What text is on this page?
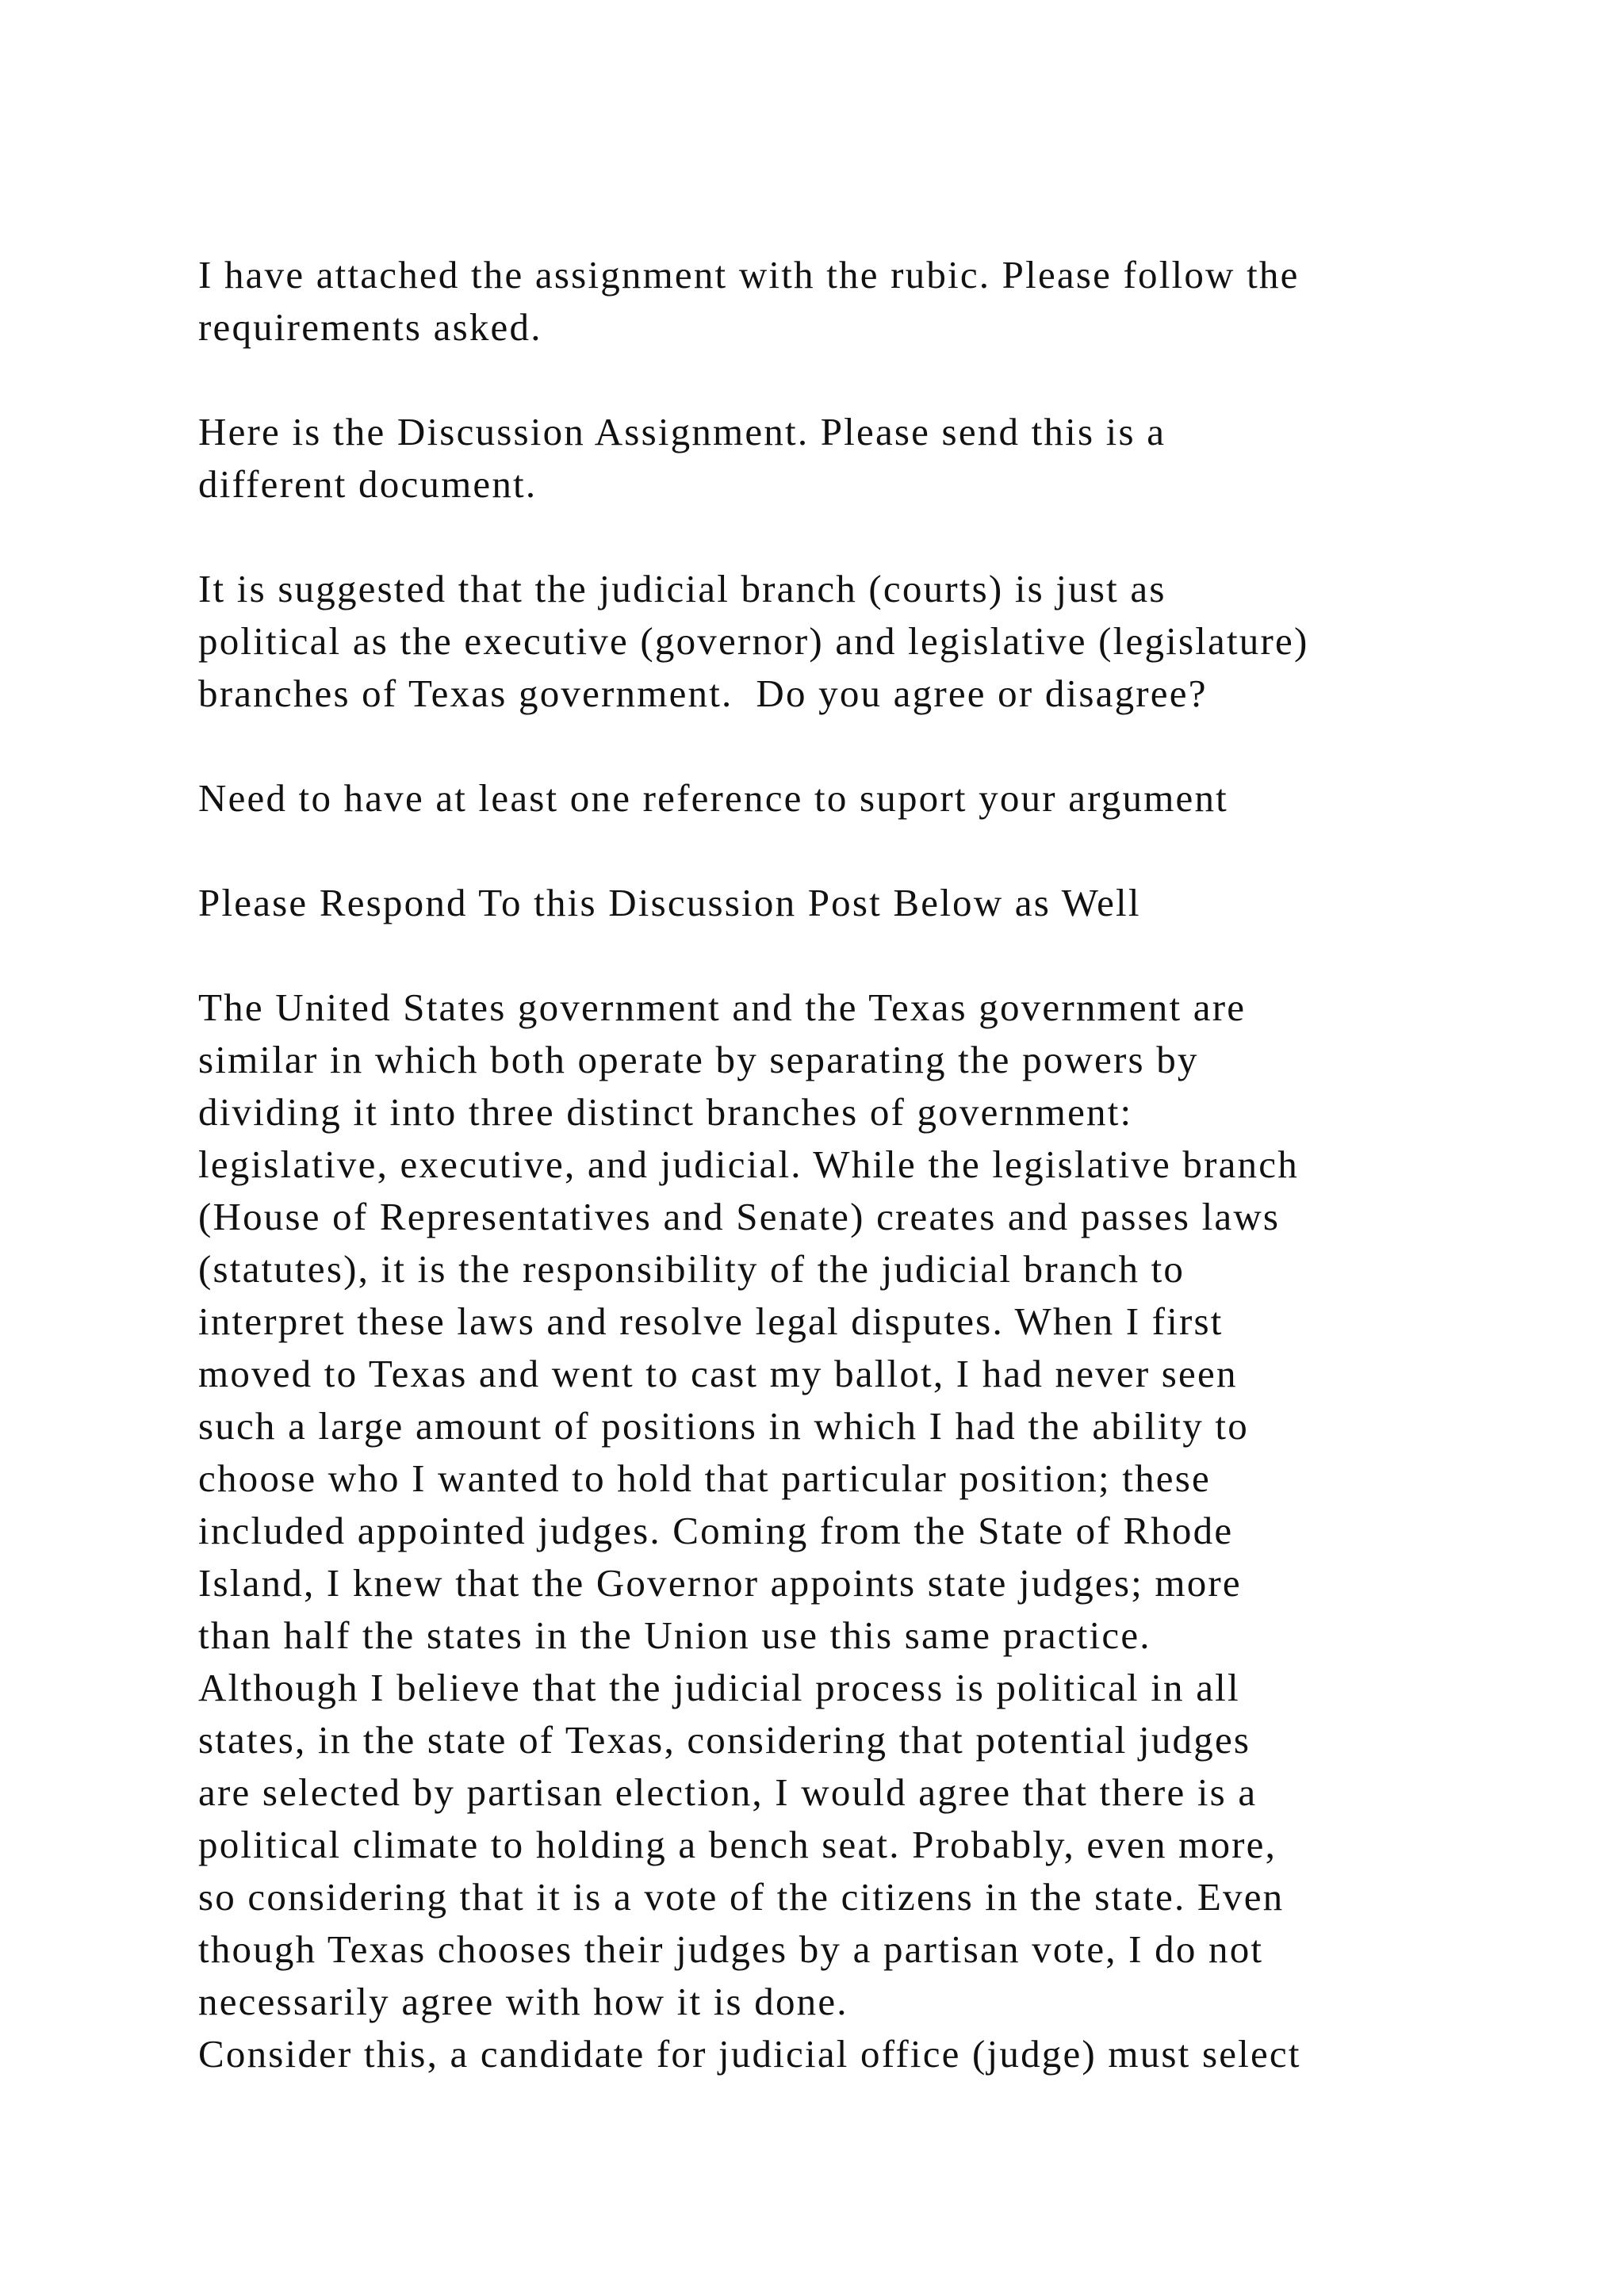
I have attached the assignment with the rubic. Please follow the
requirements asked.
Here is the Discussion Assignment. Please send this is a
different document.
It is suggested that the judicial branch (courts) is just as
political as the executive (governor) and legislative (legislature)
branches of Texas government.  Do you agree or disagree?
Need to have at least one reference to suport your argument
Please Respond To this Discussion Post Below as Well
The United States government and the Texas government are
similar in which both operate by separating the powers by
dividing it into three distinct branches of government:
legislative, executive, and judicial. While the legislative branch
(House of Representatives and Senate) creates and passes laws
(statutes), it is the responsibility of the judicial branch to
interpret these laws and resolve legal disputes. When I first
moved to Texas and went to cast my ballot, I had never seen
such a large amount of positions in which I had the ability to
choose who I wanted to hold that particular position; these
included appointed judges. Coming from the State of Rhode
Island, I knew that the Governor appoints state judges; more
than half the states in the Union use this same practice.
Although I believe that the judicial process is political in all
states, in the state of Texas, considering that potential judges
are selected by partisan election, I would agree that there is a
political climate to holding a bench seat. Probably, even more,
so considering that it is a vote of the citizens in the state. Even
though Texas chooses their judges by a partisan vote, I do not
necessarily agree with how it is done.
Consider this, a candidate for judicial office (judge) must select
